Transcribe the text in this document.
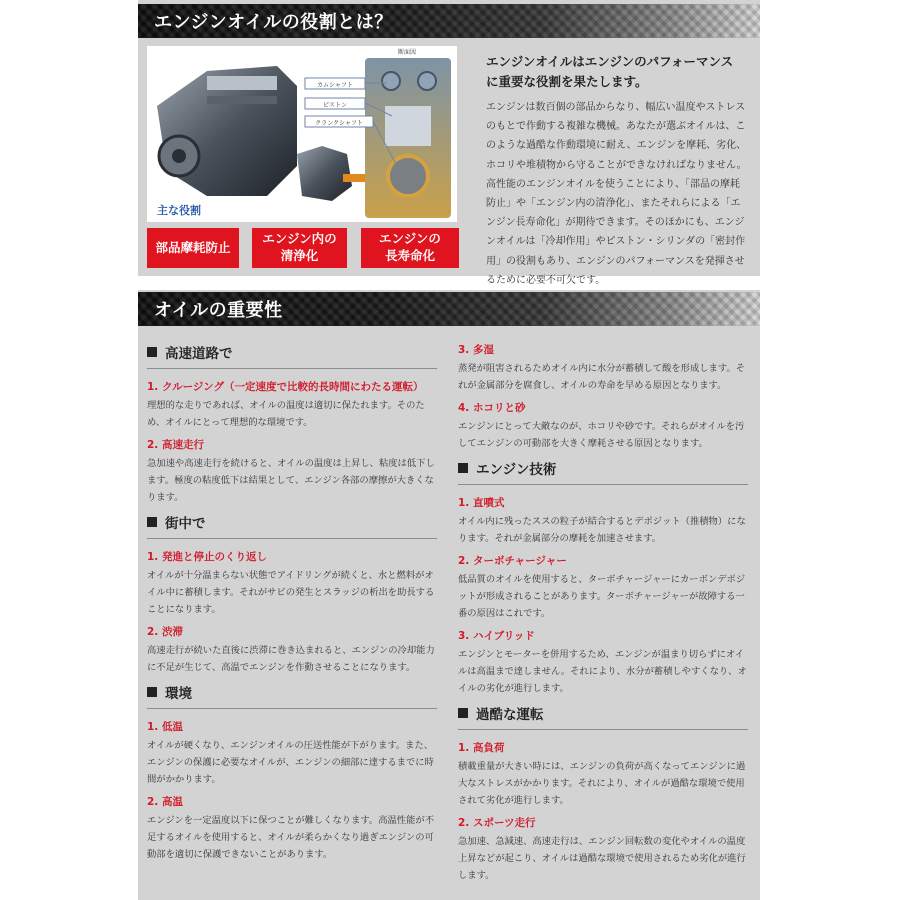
エンジンオイルの役割とは？
カムシャフト
ピストン
クランクシャフト
断面図
主な役割
部品摩耗防止
エンジン内の
清浄化
エンジンの
長寿命化
エンジンオイルはエンジンのパフォーマンスに重要な役割を果たします。
エンジンは数百個の部品からなり、幅広い温度やストレスのもとで作動する複雑な機械。あなたが選ぶオイルは、このような過酷な作動環境に耐え、エンジンを摩耗、劣化、ホコリや堆積物から守ることができなければなりません。高性能のエンジンオイルを使うことにより、「部品の摩耗防止」や「エンジン内の清浄化」、またそれらによる「エンジン長寿命化」が期待できます。そのほかにも、エンジンオイルは「冷却作用」やピストン・シリンダの「密封作用」の役割もあり、エンジンのパフォーマンスを発揮させるために必要不可欠です。
オイルの重要性
高速道路で
1. クルージング（一定速度で比較的長時間にわたる運転）
理想的な走りであれば、オイルの温度は適切に保たれます。そのため、オイルにとって理想的な環境です。
2. 高速走行
急加速や高速走行を続けると、オイルの温度は上昇し、粘度は低下します。極度の粘度低下は結果として、エンジン各部の摩擦が大きくなります。
街中で
1. 発進と停止のくり返し
オイルが十分温まらない状態でアイドリングが続くと、水と燃料がオイル中に蓄積します。それがサビの発生とスラッジの析出を助長することになります。
2. 渋滞
高速走行が続いた直後に渋滞に巻き込まれると、エンジンの冷却能力に不足が生じて、高温でエンジンを作動させることになります。
環境
1. 低温
オイルが硬くなり、エンジンオイルの圧送性能が下がります。また、エンジンの保護に必要なオイルが、エンジンの細部に達するまでに時間がかかります。
2. 高温
エンジンを一定温度以下に保つことが難しくなります。高温性能が不足するオイルを使用すると、オイルが柔らかくなり過ぎエンジンの可動部を適切に保護できないことがあります。
3. 多湿
蒸発が阻害されるためオイル内に水分が蓄積して酸を形成します。それが金属部分を腐食し、オイルの寿命を早める原因となります。
4. ホコリと砂
エンジンにとって大敵なのが、ホコリや砂です。それらがオイルを汚してエンジンの可動部を大きく摩耗させる原因となります。
エンジン技術
1. 直噴式
オイル内に残ったススの粒子が結合するとデポジット（推積物）になります。それが金属部分の摩耗を加速させます。
2. ターボチャージャー
低品質のオイルを使用すると、ターボチャージャーにカーボンデポジットが形成されることがあります。ターボチャージャーが故障する一番の原因はこれです。
3. ハイブリッド
エンジンとモーターを併用するため、エンジンが温まり切らずにオイルは高温まで達しません。それにより、水分が蓄積しやすくなり、オイルの劣化が進行します。
過酷な運転
1. 高負荷
積載重量が大きい時には、エンジンの負荷が高くなってエンジンに過大なストレスがかかります。それにより、オイルが過酷な環境で使用されて劣化が進行します。
2. スポーツ走行
急加速、急減速、高速走行は、エンジン回転数の変化やオイルの温度上昇などが起こり、オイルは過酷な環境で使用されるため劣化が進行します。
